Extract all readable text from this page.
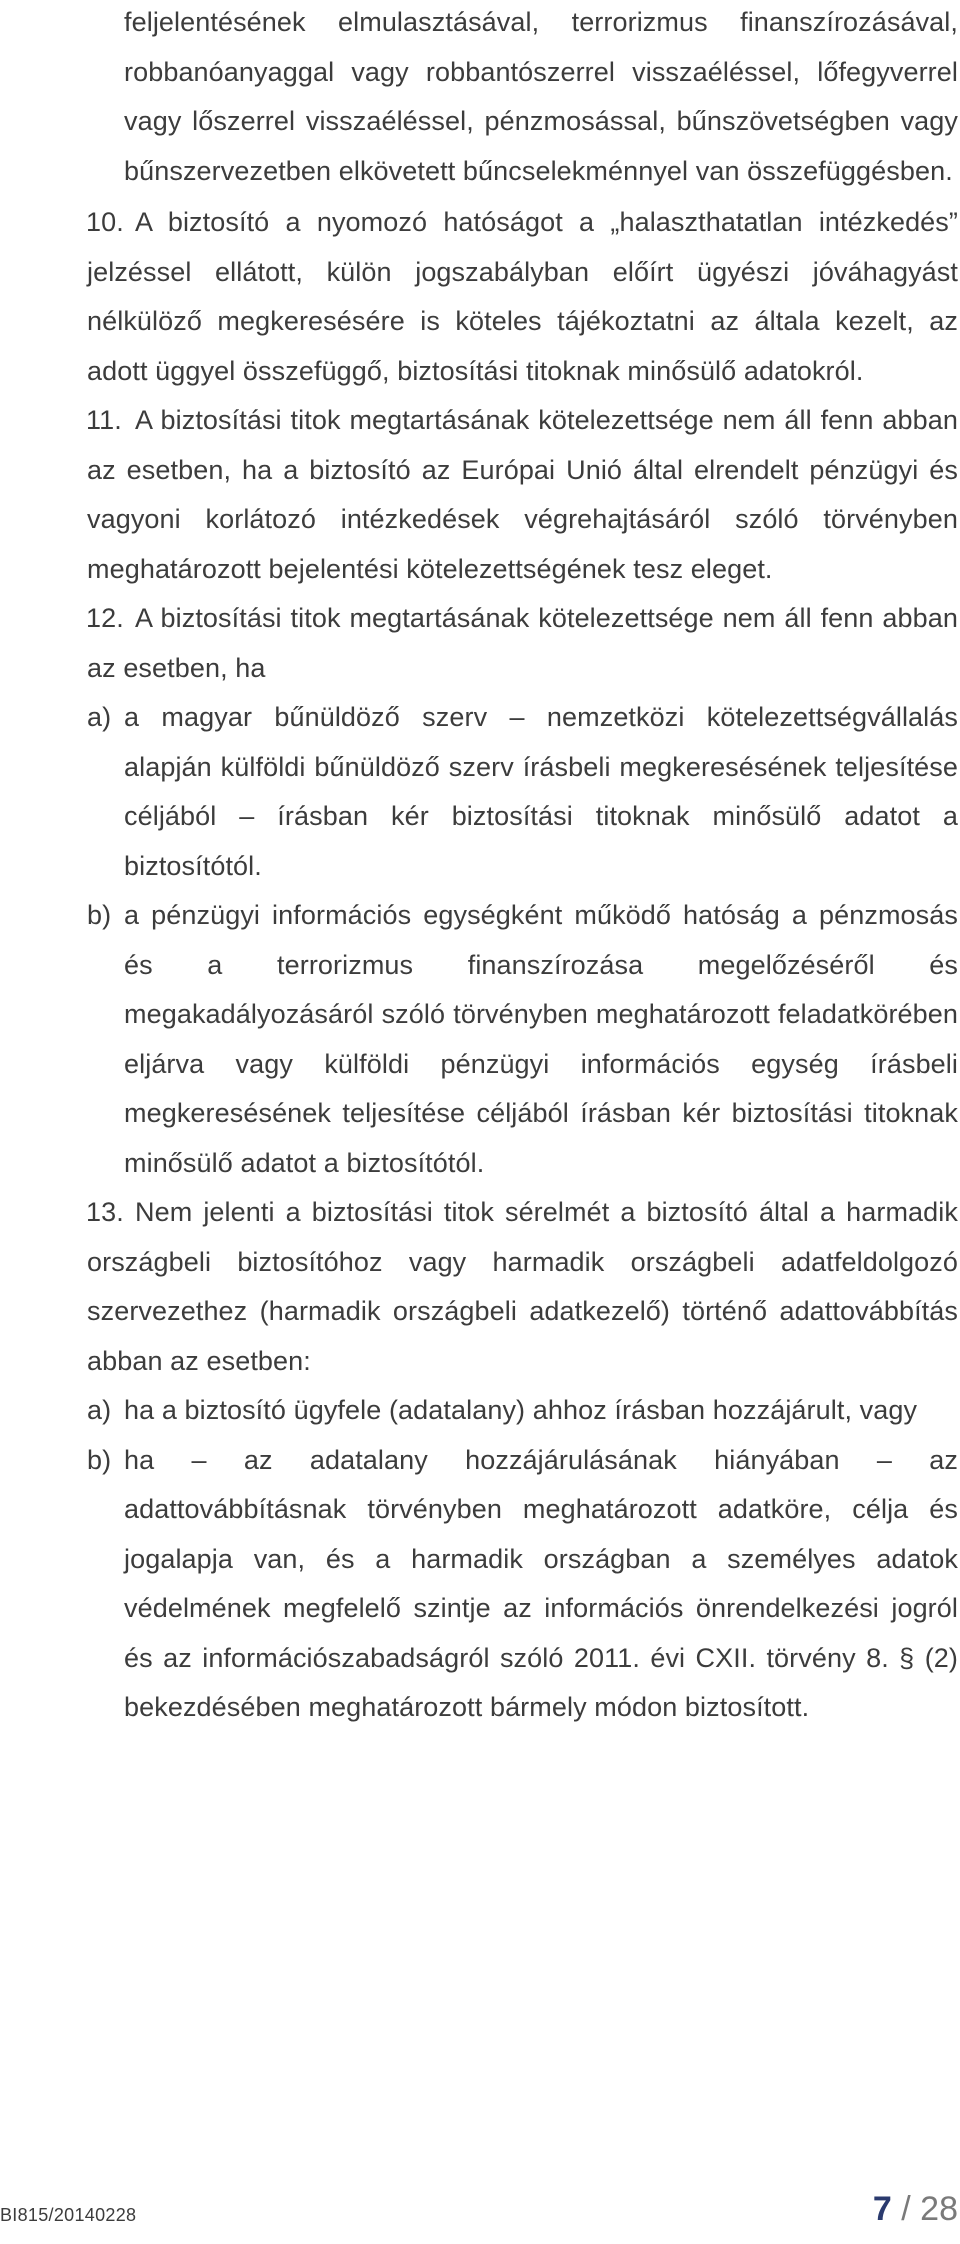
feljelentésének elmulasztásával, terrorizmus finanszírozásával, robbanóanyaggal vagy robbantószerrel visszaéléssel, lőfegyverrel vagy lőszerrel visszaéléssel, pénzmosással, bűnszövetségben vagy bűnszervezetben elkövetett bűncselekménnyel van összefüggésben.
10. A biztosító a nyomozó hatóságot a „halaszthatatlan intézkedés” jelzéssel ellátott, külön jogszabályban előírt ügyészi jóváhagyást nélkülöző megkeresésére is köteles tájékoztatni az általa kezelt, az adott üggyel összefüggő, biztosítási titoknak minősülő adatokról.
11. A biztosítási titok megtartásának kötelezettsége nem áll fenn abban az esetben, ha a biztosító az Európai Unió által elrendelt pénzügyi és vagyoni korlátozó intézkedések végrehajtásáról szóló törvényben meghatározott bejelentési kötelezettségének tesz eleget.
12. A biztosítási titok megtartásának kötelezettsége nem áll fenn abban az esetben, ha
a) a magyar bűnüldöző szerv – nemzetközi kötelezettségvállalás alapján külföldi bűnüldöző szerv írásbeli megkeresésének teljesítése céljából – írásban kér biztosítási titoknak minősülő adatot a biztosítótól.
b) a pénzügyi információs egységként működő hatóság a pénzmosás és a terrorizmus finanszírozása megelőzéséről és megakadályozásáról szóló törvényben meghatározott feladatkörében eljárva vagy külföldi pénzügyi információs egység írásbeli megkeresésének teljesítése céljából írásban kér biztosítási titoknak minősülő adatot a biztosítótól.
13. Nem jelenti a biztosítási titok sérelmét a biztosító által a harmadik országbeli biztosítóhoz vagy harmadik országbeli adatfeldolgozó szervezethez (harmadik országbeli adatkezelő) történő adattovábbítás abban az esetben:
a) ha a biztosító ügyfele (adatalany) ahhoz írásban hozzájárult, vagy
b) ha – az adatalany hozzájárulásának hiányában – az adattovábbításnak törvényben meghatározott adatköre, célja és jogalapja van, és a harmadik országban a személyes adatok védelmének megfelelő szintje az információs önrendelkezési jogról és az információszabadságról szóló 2011. évi CXII. törvény 8. § (2) bekezdésében meghatározott bármely módon biztosított.
BI815/20140228	7 / 28
